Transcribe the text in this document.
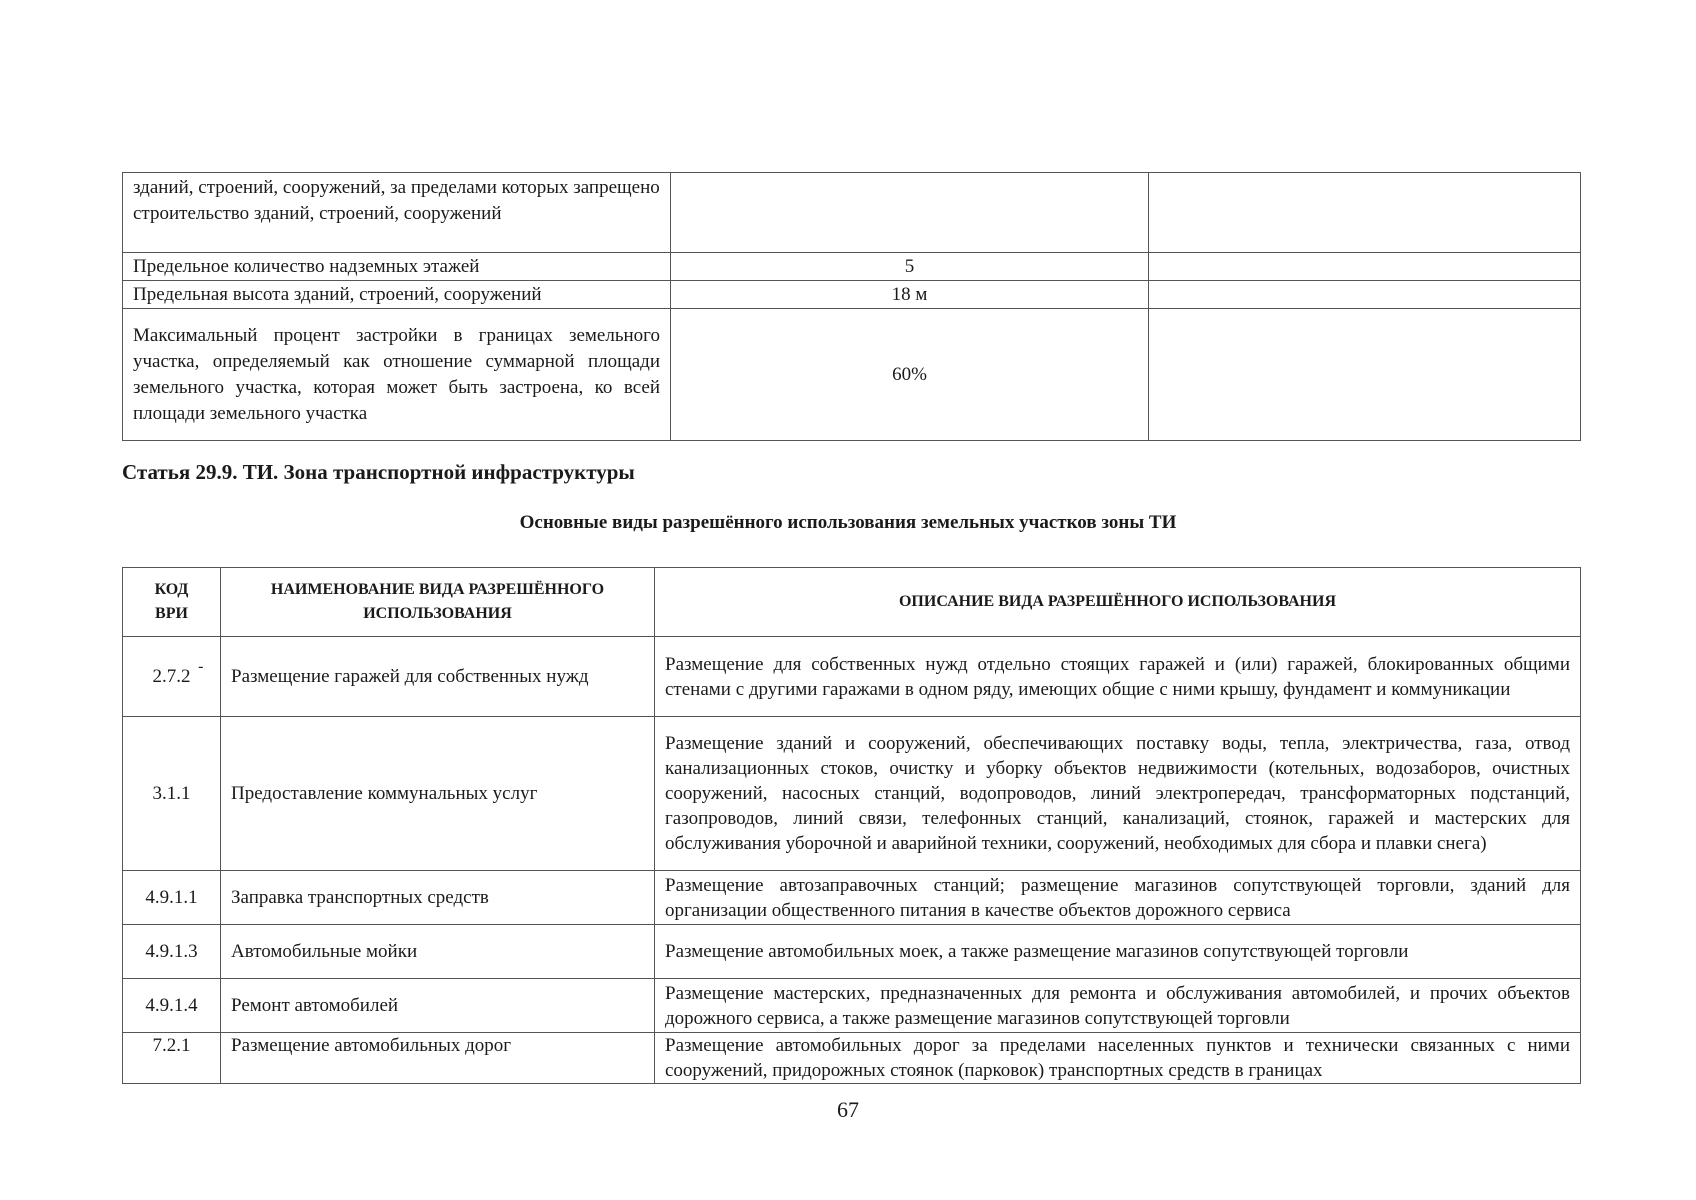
зданий, строений, сооружений, за пределами которых запрещено строительство зданий, строений, сооружений		
Предельное количество надземных этажей	5	
Предельная высота зданий, строений, сооружений	18 м	
Максимальный процент застройки в границах земельного участка, определяемый как отношение суммарной площади земельного участка, которая может быть застроена, ко всей площади земельного участка	60%	
Статья 29.9. ТИ. Зона транспортной инфраструктуры
Основные виды разрешённого использования земельных участков зоны ТИ
КОД ВРИ	НАИМЕНОВАНИЕ ВИДА РАЗРЕШЁННОГО ИСПОЛЬЗОВАНИЯ	ОПИСАНИЕ ВИДА РАЗРЕШЁННОГО ИСПОЛЬЗОВАНИЯ
2.7.2 -	Размещение гаражей для собственных нужд	Размещение для собственных нужд отдельно стоящих гаражей и (или) гаражей, блокированных общими стенами с другими гаражами в одном ряду, имеющих общие с ними крышу, фундамент и коммуникации
3.1.1	Предоставление коммунальных услуг	Размещение зданий и сооружений, обеспечивающих поставку воды, тепла, электричества, газа, отвод канализационных стоков, очистку и уборку объектов недвижимости (котельных, водозаборов, очистных сооружений, насосных станций, водопроводов, линий электропередач, трансформаторных подстанций, газопроводов, линий связи, телефонных станций, канализаций, стоянок, гаражей и мастерских для обслуживания уборочной и аварийной техники, сооружений, необходимых для сбора и плавки снега)
4.9.1.1	Заправка транспортных средств	Размещение автозаправочных станций; размещение магазинов сопутствующей торговли, зданий для организации общественного питания в качестве объектов дорожного сервиса
4.9.1.3	Автомобильные мойки	Размещение автомобильных моек, а также размещение магазинов сопутствующей торговли
4.9.1.4	Ремонт автомобилей	Размещение мастерских, предназначенных для ремонта и обслуживания автомобилей, и прочих объектов дорожного сервиса, а также размещение магазинов сопутствующей торговли
7.2.1	Размещение автомобильных дорог	Размещение автомобильных дорог за пределами населенных пунктов и технически связанных с ними сооружений, придорожных стоянок (парковок) транспортных средств в границах
67
